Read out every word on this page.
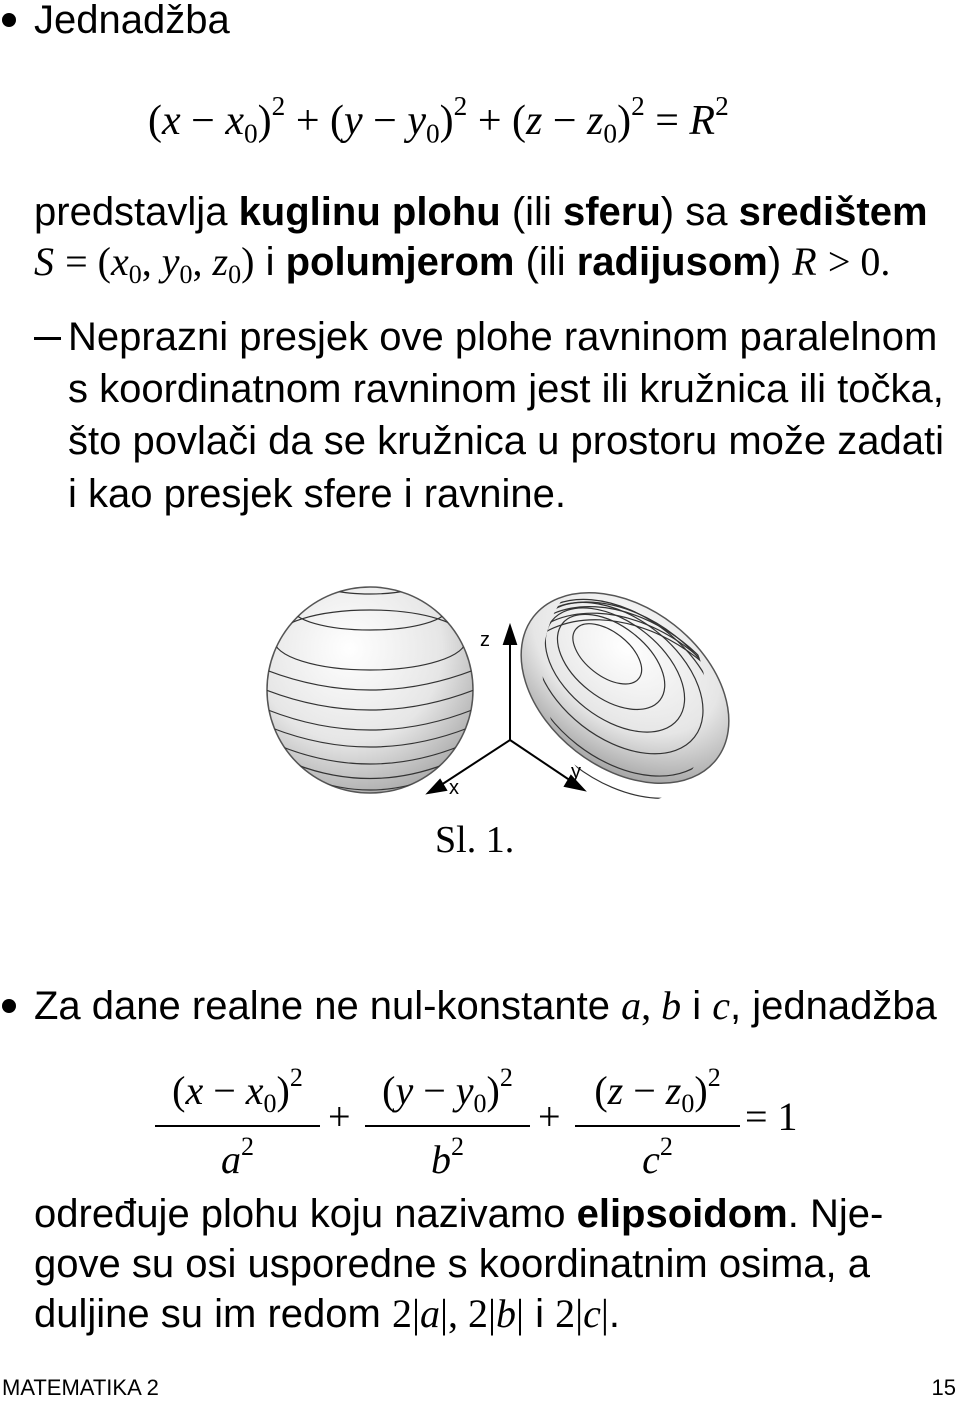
Jednadžba
$(x - x_0)^2 + (y - y_0)^2 + (z - z_0)^2 = R^2$
predstavlja kuglinu plohu (ili sferu) sa središtem
$S = (x_0$, $y_0$, $z_0$) i polumjerom (ili radijusom) R > 0.
Neprazni presjek ove plohe ravninom paralelnom
s koordinatnom ravninom jest ili kružnica ili točka,
što povlači da se kružnica u prostoru može zadati
i kao presjek sfere i ravnine.
z
x
y
Sl. 1.
Za dane realne ne nul-konstante a, b i c, jednadžba
$(x - x_0)^2$
$a^2$
+
$(y - y_0)^2$
$b^2$
+
$(z - z_0)^2$
$c^2$
= 1
određuje plohu koju nazivamo elipsoidom. Nje-
gove su osi usporedne s koordinatnim osima, a
duljine su im redom 2|a|, 2|b| i 2|c|.
MATEMATIKA 2	15
